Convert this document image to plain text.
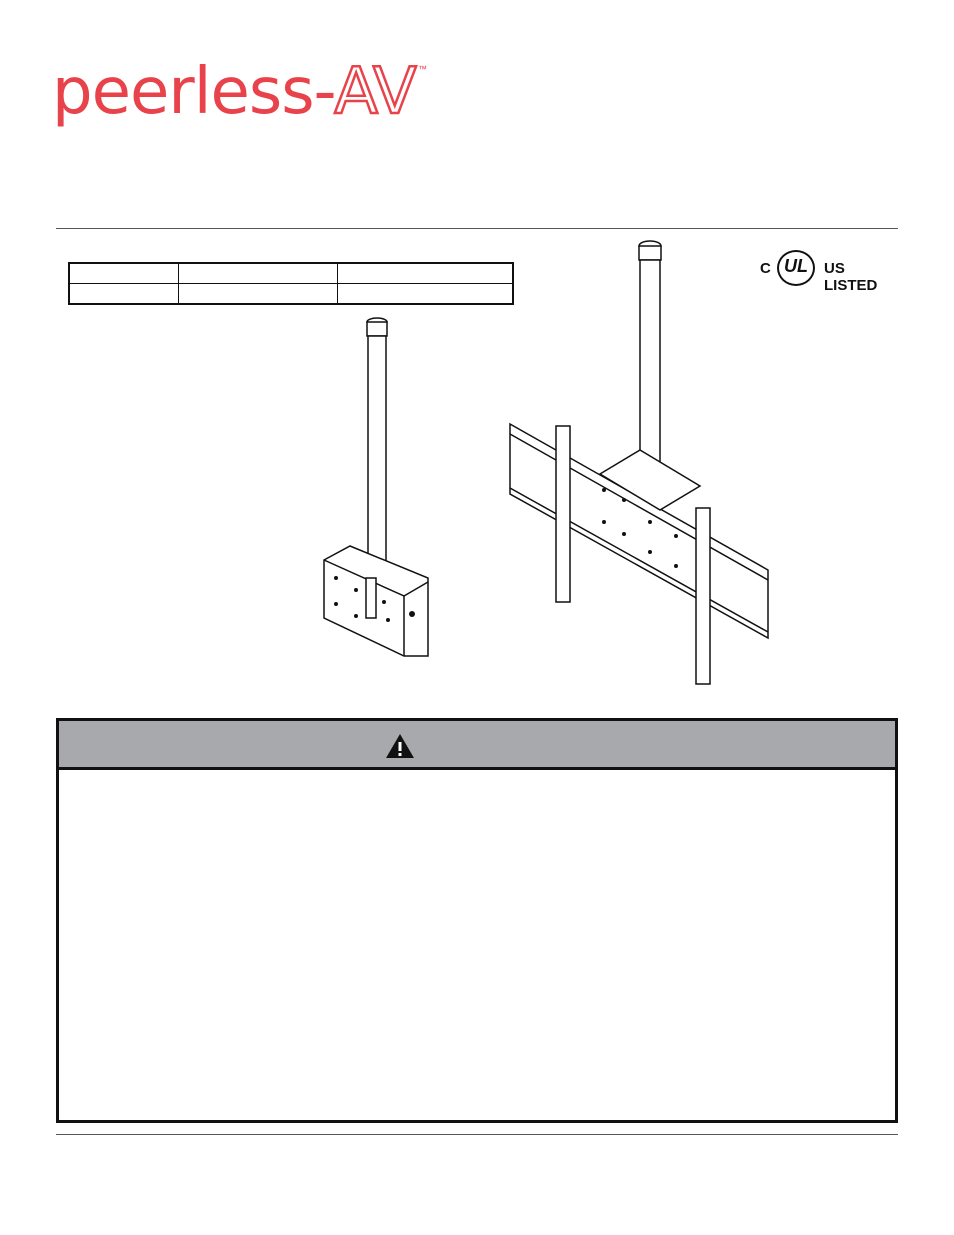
peerless-AV ™

C UL US LISTED
